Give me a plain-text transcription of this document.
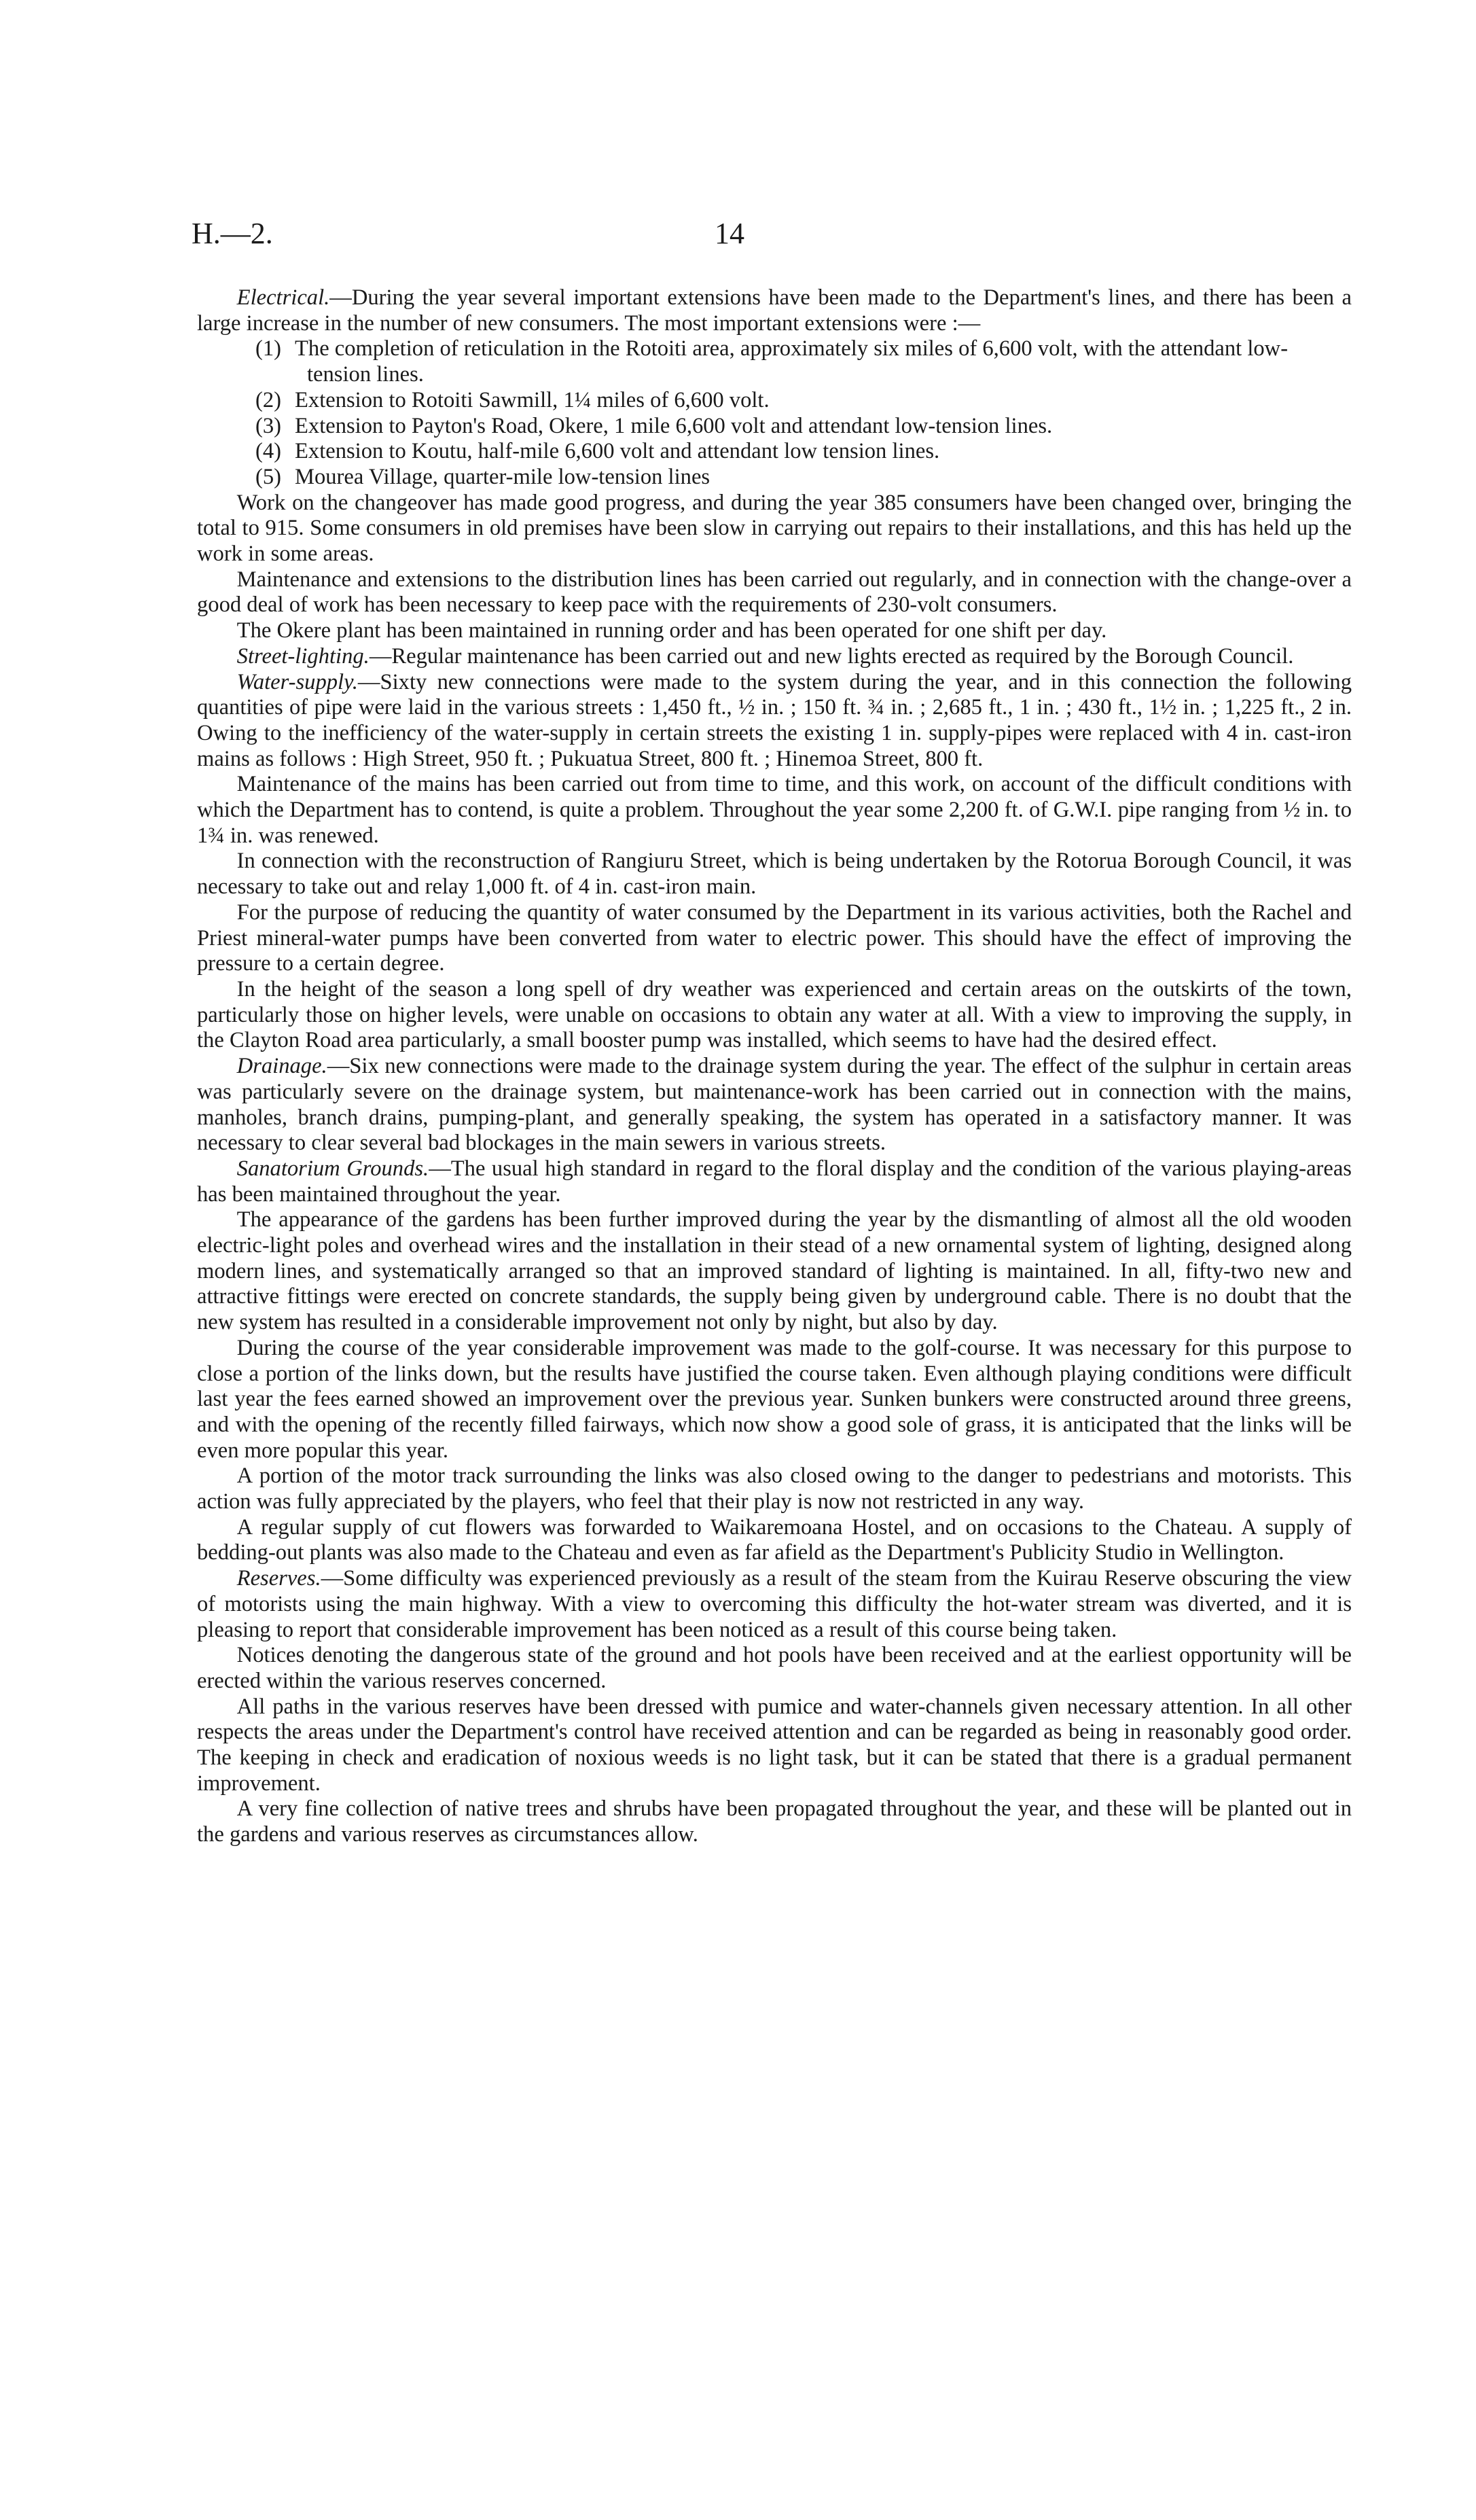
H.—2.	14

Electrical.—During the year several important extensions have been made to the Department's lines, and there has been a large increase in the number of new consumers. The most important extensions were :—

(1) The completion of reticulation in the Rotoiti area, approximately six miles of 6,600 volt, with the attendant low-tension lines.
(2) Extension to Rotoiti Sawmill, 1¼ miles of 6,600 volt.
(3) Extension to Payton's Road, Okere, 1 mile 6,600 volt and attendant low-tension lines.
(4) Extension to Koutu, half-mile 6,600 volt and attendant low tension lines.
(5) Mourea Village, quarter-mile low-tension lines

Work on the changeover has made good progress, and during the year 385 consumers have been changed over, bringing the total to 915. Some consumers in old premises have been slow in carrying out repairs to their installations, and this has held up the work in some areas.

Maintenance and extensions to the distribution lines has been carried out regularly, and in connection with the change-over a good deal of work has been necessary to keep pace with the requirements of 230-volt consumers.

The Okere plant has been maintained in running order and has been operated for one shift per day.

Street-lighting.—Regular maintenance has been carried out and new lights erected as required by the Borough Council.

Water-supply.—Sixty new connections were made to the system during the year, and in this connection the following quantities of pipe were laid in the various streets : 1,450 ft., ½ in. ; 150 ft. ¾ in. ; 2,685 ft., 1 in. ; 430 ft., 1½ in. ; 1,225 ft., 2 in. Owing to the inefficiency of the water-supply in certain streets the existing 1 in. supply-pipes were replaced with 4 in. cast-iron mains as follows : High Street, 950 ft. ; Pukuatua Street, 800 ft. ; Hinemoa Street, 800 ft.

Maintenance of the mains has been carried out from time to time, and this work, on account of the difficult conditions with which the Department has to contend, is quite a problem. Throughout the year some 2,200 ft. of G.W.I. pipe ranging from ½ in. to 1¾ in. was renewed.

In connection with the reconstruction of Rangiuru Street, which is being undertaken by the Rotorua Borough Council, it was necessary to take out and relay 1,000 ft. of 4 in. cast-iron main.

For the purpose of reducing the quantity of water consumed by the Department in its various activities, both the Rachel and Priest mineral-water pumps have been converted from water to electric power. This should have the effect of improving the pressure to a certain degree.

In the height of the season a long spell of dry weather was experienced and certain areas on the outskirts of the town, particularly those on higher levels, were unable on occasions to obtain any water at all. With a view to improving the supply, in the Clayton Road area particularly, a small booster pump was installed, which seems to have had the desired effect.

Drainage.—Six new connections were made to the drainage system during the year. The effect of the sulphur in certain areas was particularly severe on the drainage system, but maintenance-work has been carried out in connection with the mains, manholes, branch drains, pumping-plant, and generally speaking, the system has operated in a satisfactory manner. It was necessary to clear several bad blockages in the main sewers in various streets.

Sanatorium Grounds.—The usual high standard in regard to the floral display and the condition of the various playing-areas has been maintained throughout the year.

The appearance of the gardens has been further improved during the year by the dismantling of almost all the old wooden electric-light poles and overhead wires and the installation in their stead of a new ornamental system of lighting, designed along modern lines, and systematically arranged so that an improved standard of lighting is maintained. In all, fifty-two new and attractive fittings were erected on concrete standards, the supply being given by underground cable. There is no doubt that the new system has resulted in a considerable improvement not only by night, but also by day.

During the course of the year considerable improvement was made to the golf-course. It was necessary for this purpose to close a portion of the links down, but the results have justified the course taken. Even although playing conditions were difficult last year the fees earned showed an improvement over the previous year. Sunken bunkers were constructed around three greens, and with the opening of the recently filled fairways, which now show a good sole of grass, it is anticipated that the links will be even more popular this year.

A portion of the motor track surrounding the links was also closed owing to the danger to pedestrians and motorists. This action was fully appreciated by the players, who feel that their play is now not restricted in any way.

A regular supply of cut flowers was forwarded to Waikaremoana Hostel, and on occasions to the Chateau. A supply of bedding-out plants was also made to the Chateau and even as far afield as the Department's Publicity Studio in Wellington.

Reserves.—Some difficulty was experienced previously as a result of the steam from the Kuirau Reserve obscuring the view of motorists using the main highway. With a view to overcoming this difficulty the hot-water stream was diverted, and it is pleasing to report that considerable improvement has been noticed as a result of this course being taken.

Notices denoting the dangerous state of the ground and hot pools have been received and at the earliest opportunity will be erected within the various reserves concerned.

All paths in the various reserves have been dressed with pumice and water-channels given necessary attention. In all other respects the areas under the Department's control have received attention and can be regarded as being in reasonably good order. The keeping in check and eradication of noxious weeds is no light task, but it can be stated that there is a gradual permanent improvement.

A very fine collection of native trees and shrubs have been propagated throughout the year, and these will be planted out in the gardens and various reserves as circumstances allow.
